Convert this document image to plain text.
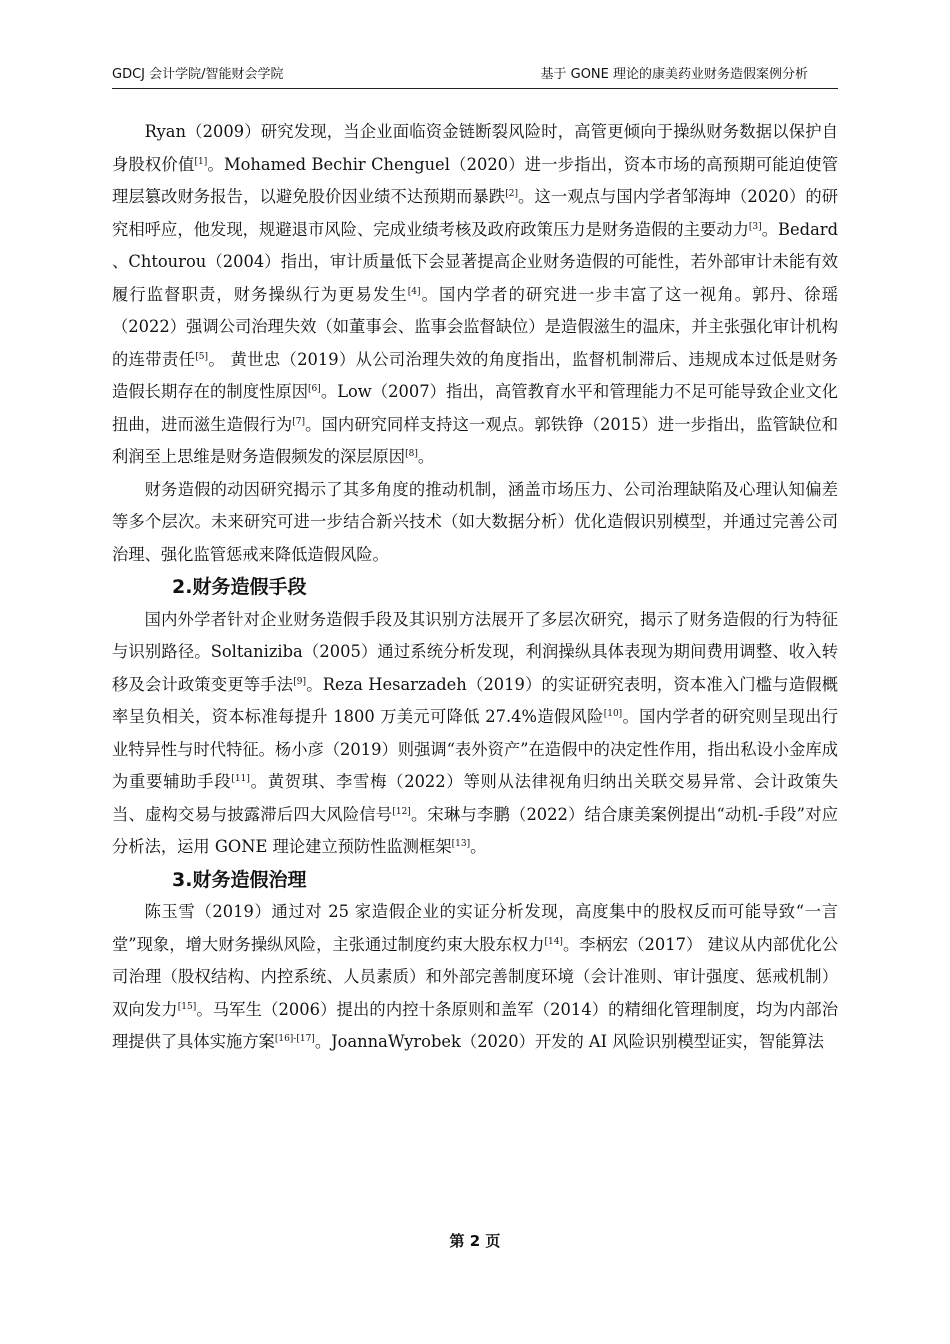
GDCJ 会计学院/智能财会学院	基于 GONE 理论的康美药业财务造假案例分析

Ryan（2009）研究发现，当企业面临资金链断裂风险时，高管更倾向于操纵财务数据以保护自身股权价值[1]。Mohamed Bechir Chenguel（2020）进一步指出，资本市场的高预期可能迫使管理层篡改财务报告，以避免股价因业绩不达预期而暴跌[2]。这一观点与国内学者邹海坤（2020）的研究相呼应，他发现，规避退市风险、完成业绩考核及政府政策压力是财务造假的主要动力[3]。Bedard 、Chtourou（2004）指出，审计质量低下会显著提高企业财务造假的可能性，若外部审计未能有效履行监督职责，财务操纵行为更易发生[4]。国内学者的研究进一步丰富了这一视角。郭丹、徐瑶（2022）强调公司治理失效（如董事会、监事会监督缺位）是造假滋生的温床，并主张强化审计机构的连带责任[5]。 黄世忠（2019）从公司治理失效的角度指出，监督机制滞后、违规成本过低是财务造假长期存在的制度性原因[6]。Low（2007）指出，高管教育水平和管理能力不足可能导致企业文化扭曲，进而滋生造假行为[7]。国内研究同样支持这一观点。郭铁铮（2015）进一步指出，监管缺位和利润至上思维是财务造假频发的深层原因[8]。

财务造假的动因研究揭示了其多角度的推动机制，涵盖市场压力、公司治理缺陷及心理认知偏差等多个层次。未来研究可进一步结合新兴技术（如大数据分析）优化造假识别模型，并通过完善公司治理、强化监管惩戒来降低造假风险。

2.财务造假手段

国内外学者针对企业财务造假手段及其识别方法展开了多层次研究，揭示了财务造假的行为特征与识别路径。Soltaniziba（2005）通过系统分析发现，利润操纵具体表现为期间费用调整、收入转移及会计政策变更等手法[9]。Reza Hesarzadeh（2019）的实证研究表明，资本准入门槛与造假概率呈负相关，资本标准每提升 1800 万美元可降低 27.4%造假风险[10]。国内学者的研究则呈现出行业特异性与时代特征。杨小彦（2019）则强调“表外资产”在造假中的决定性作用，指出私设小金库成为重要辅助手段[11]。黄贺琪、李雪梅（2022）等则从法律视角归纳出关联交易异常、会计政策失当、虚构交易与披露滞后四大风险信号[12]。宋琳与李鹏（2022）结合康美案例提出“动机-手段”对应分析法，运用 GONE 理论建立预防性监测框架[13]。

3.财务造假治理

陈玉雪（2019）通过对 25 家造假企业的实证分析发现，高度集中的股权反而可能导致“一言堂”现象，增大财务操纵风险，主张通过制度约束大股东权力[14]。李柄宏（2017） 建议从内部优化公司治理（股权结构、内控系统、人员素质）和外部完善制度环境（会计准则、审计强度、惩戒机制）双向发力[15]。马军生（2006）提出的内控十条原则和盖军（2014）的精细化管理制度，均为内部治理提供了具体实施方案[16]-[17]。JoannaWyrobek（2020）开发的 AI 风险识别模型证实，智能算法

第 2 页
